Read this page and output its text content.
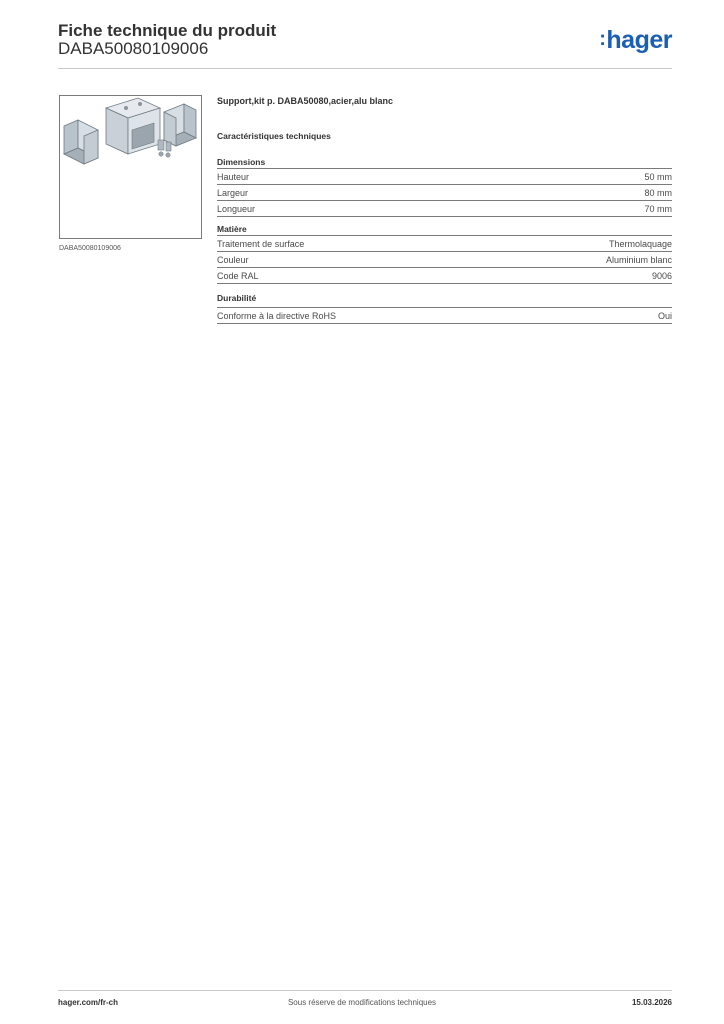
Fiche technique du produit
DABA50080109006	:hager
DABA50080109006
Support,kit p. DABA50080,acier,alu blanc
Caractéristiques techniques
Dimensions
Hauteur	50 mm
Largeur	80 mm
Longueur	70 mm
Matière
Traitement de surface	Thermolaquage
Couleur	Aluminium blanc
Code RAL	9006
Durabilité
Conforme à la directive RoHS	Oui
hager.com/fr-ch	Sous réserve de modifications techniques	15.03.2026
